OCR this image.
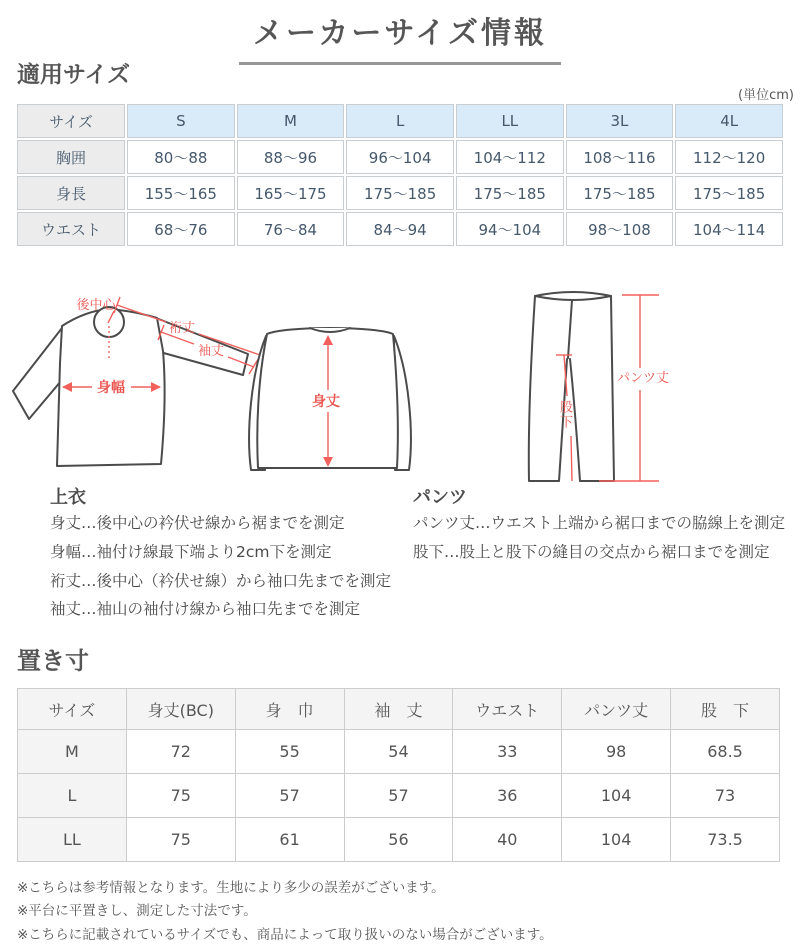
メーカーサイズ情報
適用サイズ
(単位cm)
サイズ	S	M	L	LL	3L	4L
胸囲	80〜88	88〜96	96〜104	104〜112	108〜116	112〜120
身長	155〜165	165〜175	175〜185	175〜185	175〜185	175〜185
ウエスト	68〜76	76〜84	84〜94	94〜104	98〜108	104〜114
後中心
裄丈
袖丈
身幅
身丈
パンツ丈
股下
上衣
身丈…後中心の衿伏せ線から裾までを測定
身幅…袖付け線最下端より2cm下を測定
裄丈…後中心（衿伏せ線）から袖口先までを測定
袖丈…袖山の袖付け線から袖口先までを測定
パンツ
パンツ丈…ウエスト上端から裾口までの脇線上を測定
股下…股上と股下の縫目の交点から裾口までを測定
置き寸
サイズ	身丈(BC)	身　巾	袖　丈	ウエスト	パンツ丈	股　下
M	72	55	54	33	98	68.5
L	75	57	57	36	104	73
LL	75	61	56	40	104	73.5
※こちらは参考情報となります。生地により多少の誤差がございます。
※平台に平置きし、測定した寸法です。
※こちらに記載されているサイズでも、商品によって取り扱いのない場合がございます。
